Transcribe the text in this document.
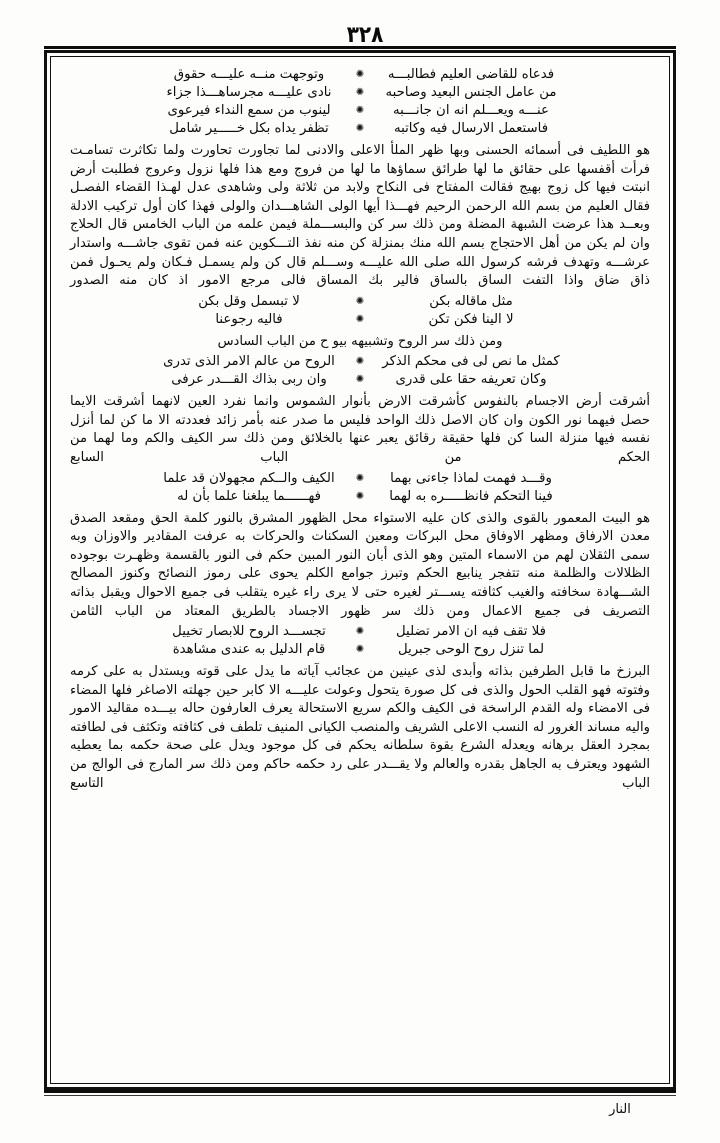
٣٢٨
فدعاه للقاضى العليم فطالبـــه
✺
وتوجهت منــه عليـــه حقوق
من عامل الجنس البعيد وصاحبه
✺
نادى عليـــه مجرساهـــذا جزاء
عنـــه ويعـــلم انه ان جانـــبه
✺
لينوب من سمع النداء فيرعوى
فاستعمل الارسال فيه وكاتبه
✺
تظفر يداه بكل خـــــير شامل
هو اللطيف فى أسمائه الحسنى وبها ظهر الملأ الاعلى والادنى لما تجاورت تحاورت ولما تكاثرت تسامـت فرأت أقفسها على حقائق ما لها طرائق سماؤها ما لها من فروج ومع هذا فلها نزول وعروج فطلبت أرض انبتت فيها كل زوج بهيج فقالت المفتاح فى النكاح ولابد من ثلاثة ولى وشاهدى عدل لهـذا القضاء الفصـل فقال العليم من بسم الله الرحمن الرحيم فهـــذا أيها الولى الشاهـــدان والولى فهذا كان أول تركيب الادلة وبعــد هذا عرضت الشبهة المضلة ومن ذلك سر كن والبســـملة فيمن علمه من الباب الخامس قال الحلاج وان لم يكن من أهل الاحتجاج بسم الله منك بمنزلة كن منه نفذ التـــكوين عنه فمن تقوى جاشـــه واستدار عرشـــه وتهدف فرشه كرسول الله صلى الله عليـــه وســـلم قال كن ولم يسمـل فـكان ولم يحـول فمن ذاق ضاق واذا التفت الساق بالساق فالير بك المساق فالى مرجع الامور اذ كان منه الصدور
مثل ماقاله بكن
✺
لا تبسمل وقل بكن
لا الينا فكن تكن
✺
فاليه رجوعنا
ومن ذلك سر الروح وتشبيهه بيو ح من الباب السادس
كمثل ما نص لى فى محكم الذكر
✺
الروح من عالم الامر الذى تدرى
وكان تعريفه حقا على قدرى
✺
وان ربى بذاك القـــدر عرفى
أشرقت أرض الاجسام بالنفوس كأشرقت الارض بأنوار الشموس وانما نفرد العين لانهما أشرقت الايما حصل فيهما نور الكون وان كان الاصل ذلك الواحد فليس ما صدر عنه بأمر زائد فعددته الا ما كن لما أنزل نفسه فيها منزلة السا كن فلها حقيقة رقائق يعبر عنها بالخلائق ومن ذلك سر الكيف والكم وما لهما من الحكم من الباب السابع
وقـــد فهمت لماذا جاءنى بهما
✺
الكيف والــكم مجهولان قد علما
فينا التحكم فانظـــــره به لهما
✺
فهــــــما يبلغنا علما بأن له
هو البيت المعمور بالقوى والذى كان عليه الاستواء محل الظهور المشرق بالنور كلمة الحق ومقعد الصدق معدن الارفاق ومظهر الاوفاق محل البركات ومعين السكنات والحركات به عرفت المقادير والاوزان وبه سمى الثقلان لهم من الاسماء المتين وهو الذى أبان النور المبين حكم فى النور بالقسمة وظهـرت بوجوده الظلالات والظلمة منه تتفجر ينابيع الحكم وتبرز جوامع الكلم يحوى على رموز النصائح وكنوز المصالح الشـــهادة سخافته والغيب كثافته يســـتر لغيره حتى لا يرى راء غيره يتقلب فى جميع الاحوال ويقبل بذاته التصريف فى جميع الاعمال ومن ذلك سر ظهور الاجساد بالطريق المعتاد من الباب الثامن
فلا تقف فيه ان الامر تضليل
✺
تجســـد الروح للابصار تخييل
لما تنزل روح الوحى جبريل
✺
قام الدليل به عندى مشاهدة
البرزخ ما قابل الطرفين بذاته وأبدى لذى عينين من عجائب آياته ما يدل على قوته ويستدل به على كرمه وفتوته فهو القلب الحول والذى فى كل صورة يتحول وعولت عليـــه الا كابر حين جهلته الاصاغر فلها المضاء فى الامضاء وله القدم الراسخة فى الكيف والكم سريع الاستحالة يعرف العارفون حاله بيـــده مقاليد الامور واليه مساند الغرور له النسب الاعلى الشريف والمنصب الكيانى المنيف تلطف فى كثافته وتكثف فى لطافته بمجرد العقل برهانه ويعدله الشرع بقوة سلطانه يحكم فى كل موجود ويدل على صحة حكمه بما يعطيه الشهود ويعترف به الجاهل بقدره والعالم ولا يقـــدر على رد حكمه حاكم ومن ذلك سر المارج فى الوالج من الباب التاسع
النار
